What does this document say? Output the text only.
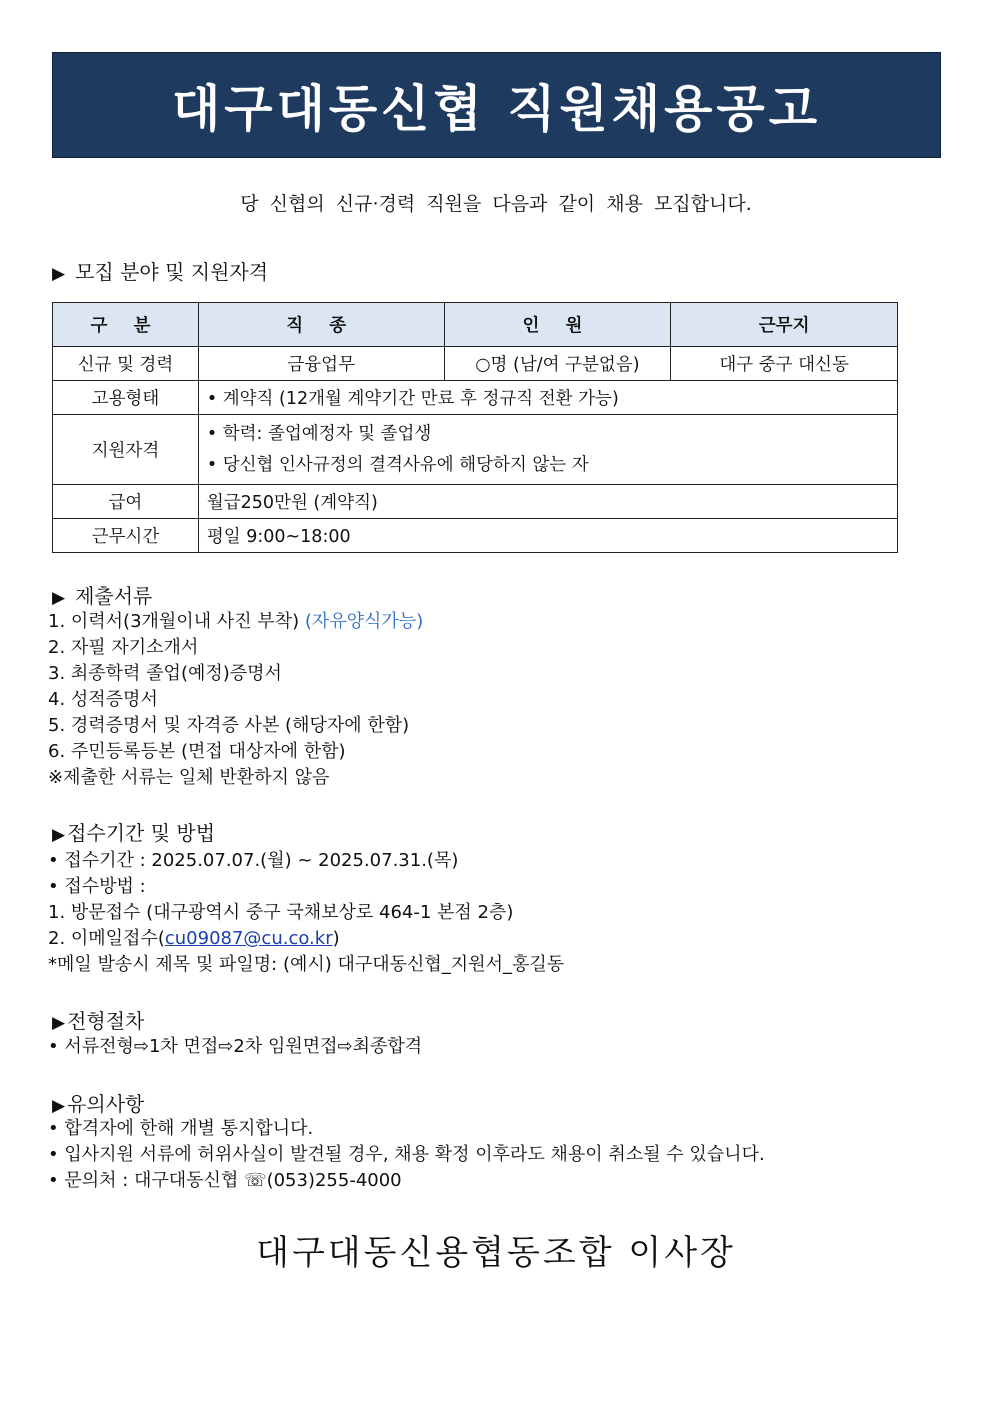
대구대동신협 직원채용공고
당 신협의 신규·경력 직원을 다음과 같이 채용 모집합니다.
▶ 모집 분야 및 지원자격
구 분	직 종	인 원	근무지
신규 및 경력	금융업무	○명 (남/여 구분없음)	대구 중구 대신동
고용형태	• 계약직 (12개월 계약기간 만료 후 정규직 전환 가능)		
지원자격	• 학력: 졸업예정자 및 졸업생
• 당신협 인사규정의 결격사유에 해당하지 않는 자		

급여	월급250만원 (계약직)		
근무시간	평일 9:00~18:00		
▶ 제출서류
1. 이력서(3개월이내 사진 부착) (자유양식가능)
2. 자필 자기소개서
3. 최종학력 졸업(예정)증명서
4. 성적증명서
5. 경력증명서 및 자격증 사본 (해당자에 한함)
6. 주민등록등본 (면접 대상자에 한함)
※제출한 서류는 일체 반환하지 않음
▶ 접수기간 및 방법
• 접수기간 : 2025.07.07.(월) ~ 2025.07.31.(목)
• 접수방법 :
1. 방문접수 (대구광역시 중구 국채보상로 464-1 본점 2층)
2. 이메일접수(cu09087@cu.co.kr)
*메일 발송시 제목 및 파일명: (예시) 대구대동신협_지원서_홍길동
▶ 전형절차
• 서류전형⇨1차 면접⇨2차 임원면접⇨최종합격
▶ 유의사항
• 합격자에 한해 개별 통지합니다.
• 입사지원 서류에 허위사실이 발견될 경우, 채용 확정 이후라도 채용이 취소될 수 있습니다.
• 문의처 : 대구대동신협 ☏(053)255-4000
대구대동신용협동조합 이사장
